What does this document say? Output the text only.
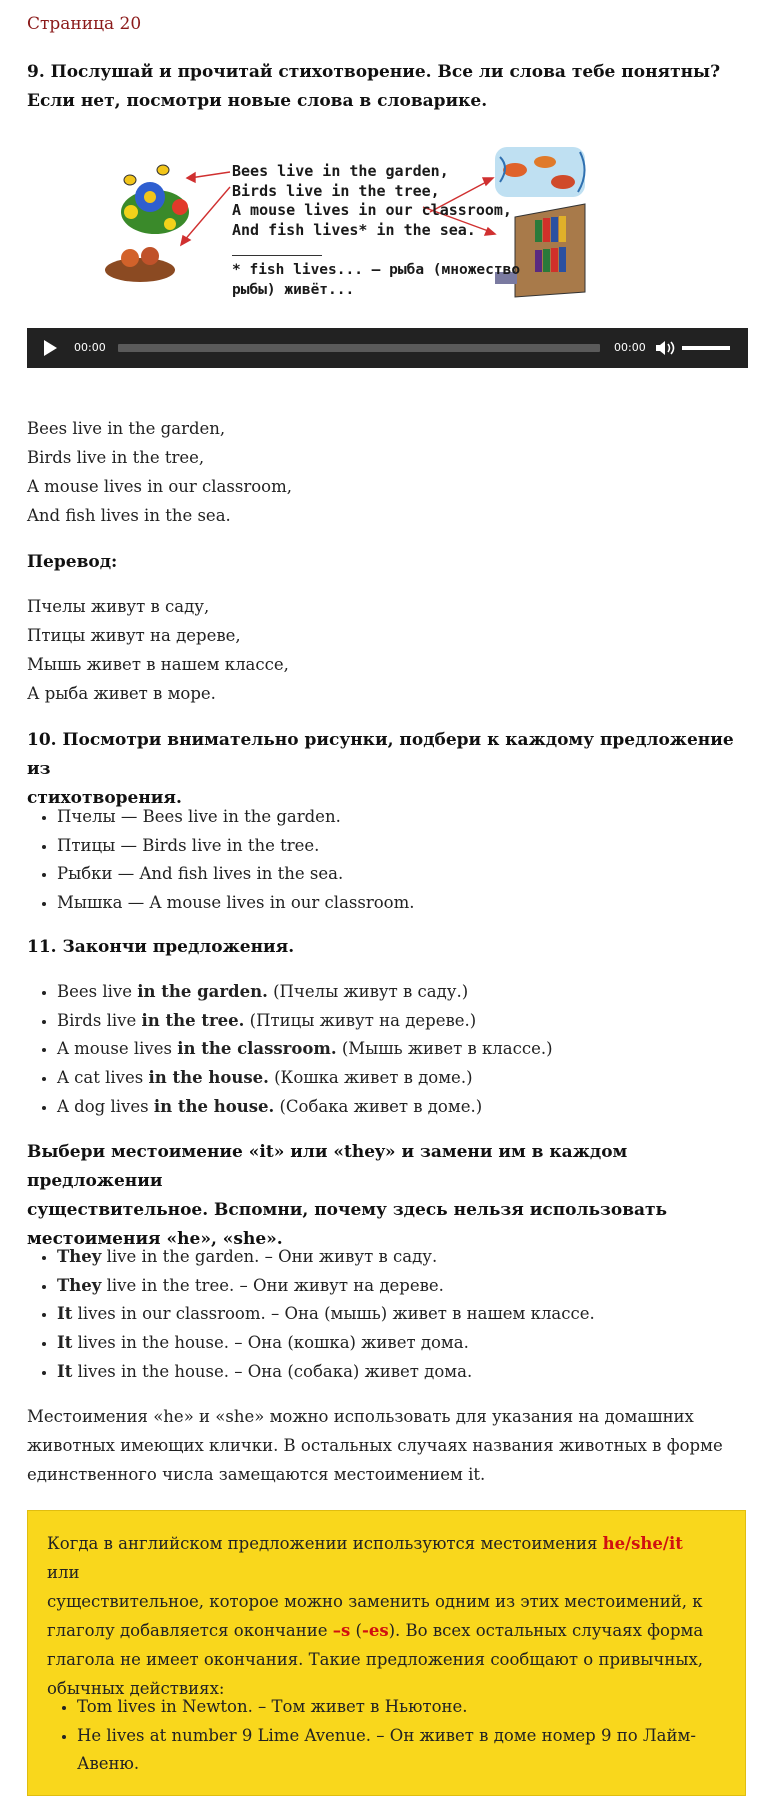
Страница 20

9. Послушай и прочитай стихотворение. Все ли слова тебе понятны?

Если нет, посмотри новые слова в словарике.

Bees live in the garden,
Birds live in the tree,
A mouse lives in our classroom,
And fish lives* in the sea.
* fish lives... — рыба (множество
рыбы) живёт...
00:00	00:00
Bees live in the garden,
Birds live in the tree,
A mouse lives in our classroom,
And fish lives in the sea.

Перевод:

Пчелы живут в саду,
Птицы живут на дереве,
Мышь живет в нашем классе,
А рыба живет в море.

10. Посмотри внимательно рисунки, подбери к каждому предложение из

стихотворения.

• Пчелы — Bees live in the garden.
• Птицы — Birds live in the tree.
• Рыбки — And fish lives in the sea.
• Мышка — A mouse lives in our classroom.

11. Закончи предложения.

• Bees live in the garden. (Пчелы живут в саду.)
• Birds live in the tree. (Птицы живут на дереве.)
• A mouse lives in the classroom. (Мышь живет в классе.)
• A cat lives in the house. (Кошка живет в доме.)
• A dog lives in the house. (Собака живет в доме.)

Выбери местоимение «it» или «they» и замени им в каждом предложении

существительное. Вспомни, почему здесь нельзя использовать

местоимения «he», «she».

• They live in the garden. – Они живут в саду.
• They live in the tree. – Они живут на дереве.
• It lives in our classroom. – Она (мышь) живет в нашем классе.
• It lives in the house. – Она (кошка) живет дома.
• It lives in the house. – Она (собака) живет дома.
Местоимения «he» и «she» можно использовать для указания на домашних
животных имеющих клички. В остальных случаях названия животных в форме
единственного числа замещаются местоимением it.
Когда в английском предложении используются местоимения he/she/it или
существительное, которое можно заменить одним из этих местоимений, к
глаголу добавляется окончание –s (-es). Во всех остальных случаях форма
глагола не имеет окончания. Такие предложения сообщают о привычных,
обычных действиях:
• Tom lives in Newton. – Том живет в Ньютоне.
• He lives at number 9 Lime Avenue. – Он живет в доме номер 9 по Лайм-Авеню.
